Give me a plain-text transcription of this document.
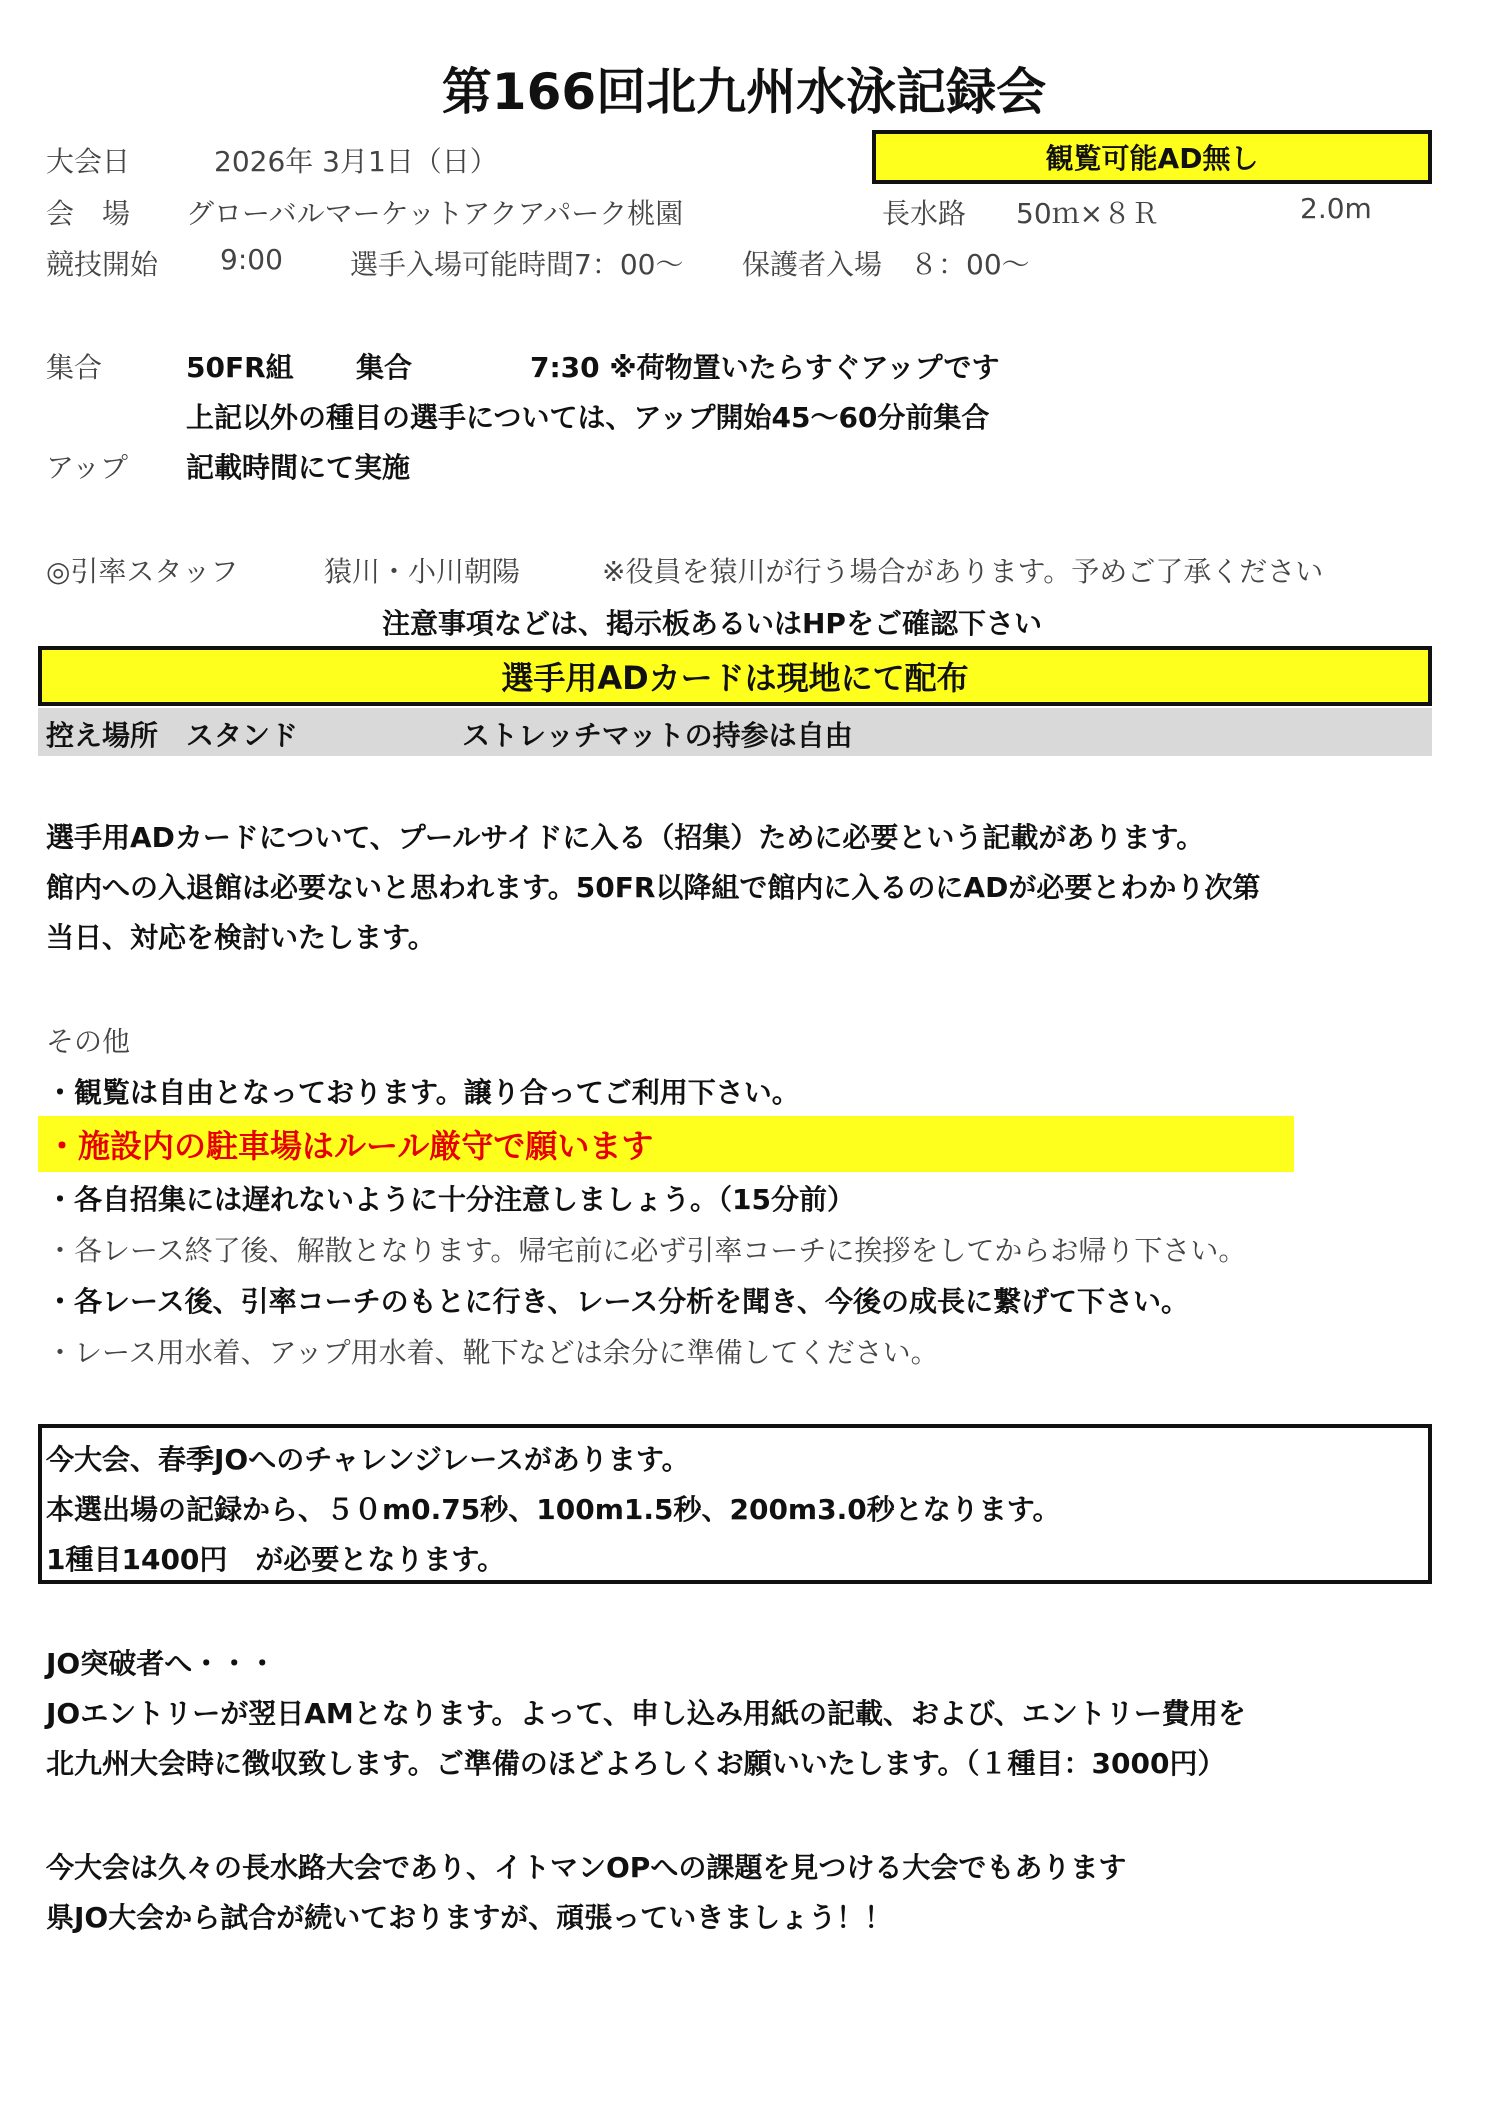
第166回北九州水泳記録会
大会日	2026年 3月1日（日）	観覧可能AD無し
会　場 グローバルマーケットアクアパーク桃園	長水路 50ｍ×８Ｒ	2.0m
競技開始 9:00 選手入場可能時間7：00〜 保護者入場　８：00〜
集合	50FR組 集合	7:30 ※荷物置いたらすぐアップです
上記以外の種目の選手については、アップ開始45〜60分前集合
アップ 記載時間にて実施
◎引率スタッフ	猿川・小川朝陽	※役員を猿川が行う場合があります。予めご了承ください
注意事項などは、掲示板あるいはHPをご確認下さい
選手用ADカードは現地にて配布
控え場所　スタンド	ストレッチマットの持参は自由
選手用ADカードについて、プールサイドに入る（招集）ために必要という記載があります。
館内への入退館は必要ないと思われます。50FR以降組で館内に入るのにADが必要とわかり次第
当日、対応を検討いたします。
その他
・観覧は自由となっております。譲り合ってご利用下さい。
・施設内の駐車場はルール厳守で願います
・各自招集には遅れないように十分注意しましょう。（15分前）
・各レース終了後、解散となります。帰宅前に必ず引率コーチに挨拶をしてからお帰り下さい。
・各レース後、引率コーチのもとに行き、レース分析を聞き、今後の成長に繋げて下さい。
・レース用水着、アップ用水着、靴下などは余分に準備してください。
今大会、春季JOへのチャレンジレースがあります。
本選出場の記録から、５０m0.75秒、100m1.5秒、200m3.0秒となります。
1種目1400円　が必要となります。
JO突破者へ・・・
JOエントリーが翌日AMとなります。よって、申し込み用紙の記載、および、エントリー費用を
北九州大会時に徴収致します。ご準備のほどよろしくお願いいたします。（１種目：3000円）
今大会は久々の長水路大会であり、イトマンOPへの課題を見つける大会でもあります
県JO大会から試合が続いておりますが、頑張っていきましょう！！
